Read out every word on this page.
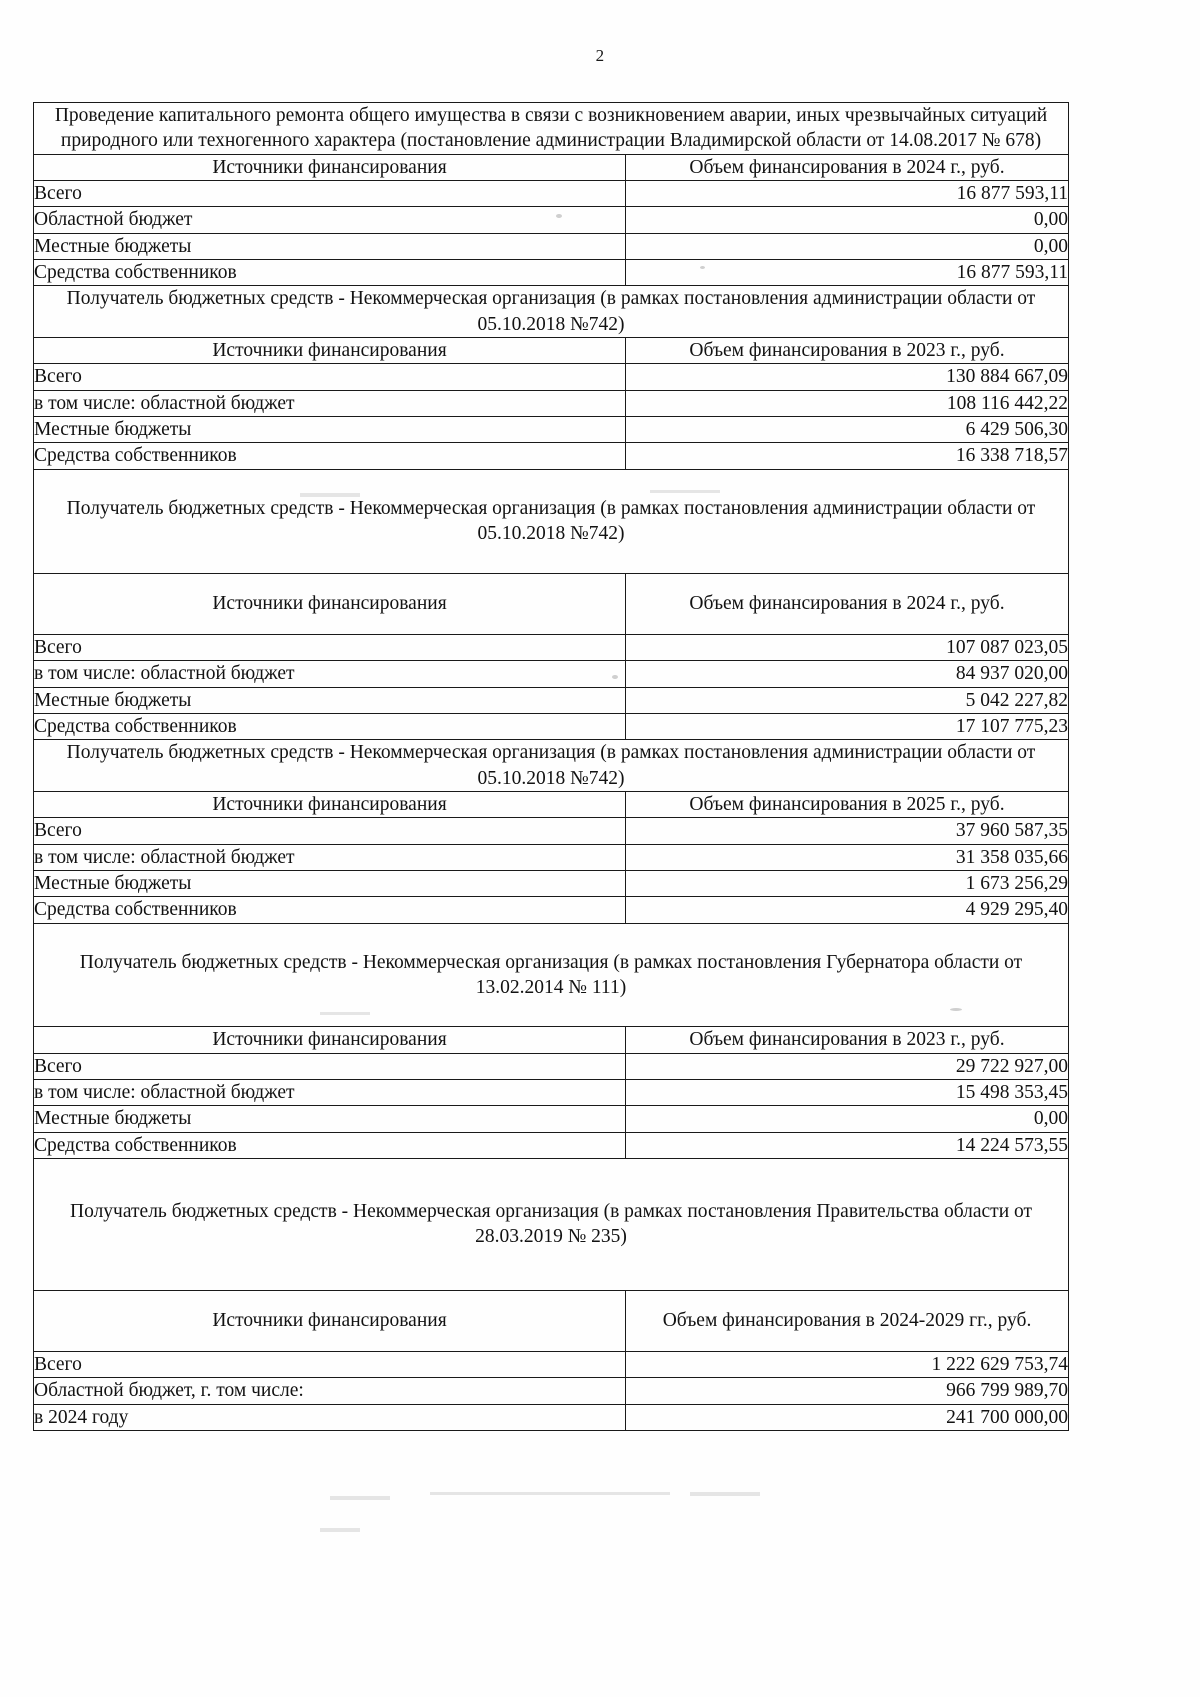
2
Проведение капитального ремонта общего имущества в связи с возникновением аварии, иных чрезвычайных ситуаций природного или техногенного характера (постановление администрации Владимирской области от 14.08.2017 № 678)	
Источники финансирования	Объем финансирования в 2024 г., руб.
Всего	16 877 593,11
Областной бюджет	0,00
Местные бюджеты	0,00
Средства собственников	16 877 593,11
Получатель бюджетных средств - Некоммерческая организация (в рамках постановления администрации области от 05.10.2018 №742)	
Источники финансирования	Объем финансирования в 2023 г., руб.
Всего	130 884 667,09
в том числе: областной бюджет	108 116 442,22
Местные бюджеты	6 429 506,30
Средства собственников	16 338 718,57
Получатель бюджетных средств - Некоммерческая организация (в рамках постановления администрации области от 05.10.2018 №742)	
Источники финансирования	Объем финансирования в 2024 г., руб.
Всего	107 087 023,05
в том числе: областной бюджет	84 937 020,00
Местные бюджеты	5 042 227,82
Средства собственников	17 107 775,23
Получатель бюджетных средств - Некоммерческая организация (в рамках постановления администрации области от 05.10.2018 №742)	
Источники финансирования	Объем финансирования в 2025 г., руб.
Всего	37 960 587,35
в том числе: областной бюджет	31 358 035,66
Местные бюджеты	1 673 256,29
Средства собственников	4 929 295,40
Получатель бюджетных средств - Некоммерческая организация (в рамках постановления Губернатора области от 13.02.2014 № 111)	
Источники финансирования	Объем финансирования в 2023 г., руб.
Всего	29 722 927,00
в том числе: областной бюджет	15 498 353,45
Местные бюджеты	0,00
Средства собственников	14 224 573,55
Получатель бюджетных средств - Некоммерческая организация (в рамках постановления Правительства области от 28.03.2019 № 235)	
Источники финансирования	Объем финансирования в 2024-2029 гг., руб.
Всего	1 222 629 753,74
Областной бюджет, г. том числе:	966 799 989,70
в 2024 году	241 700 000,00
